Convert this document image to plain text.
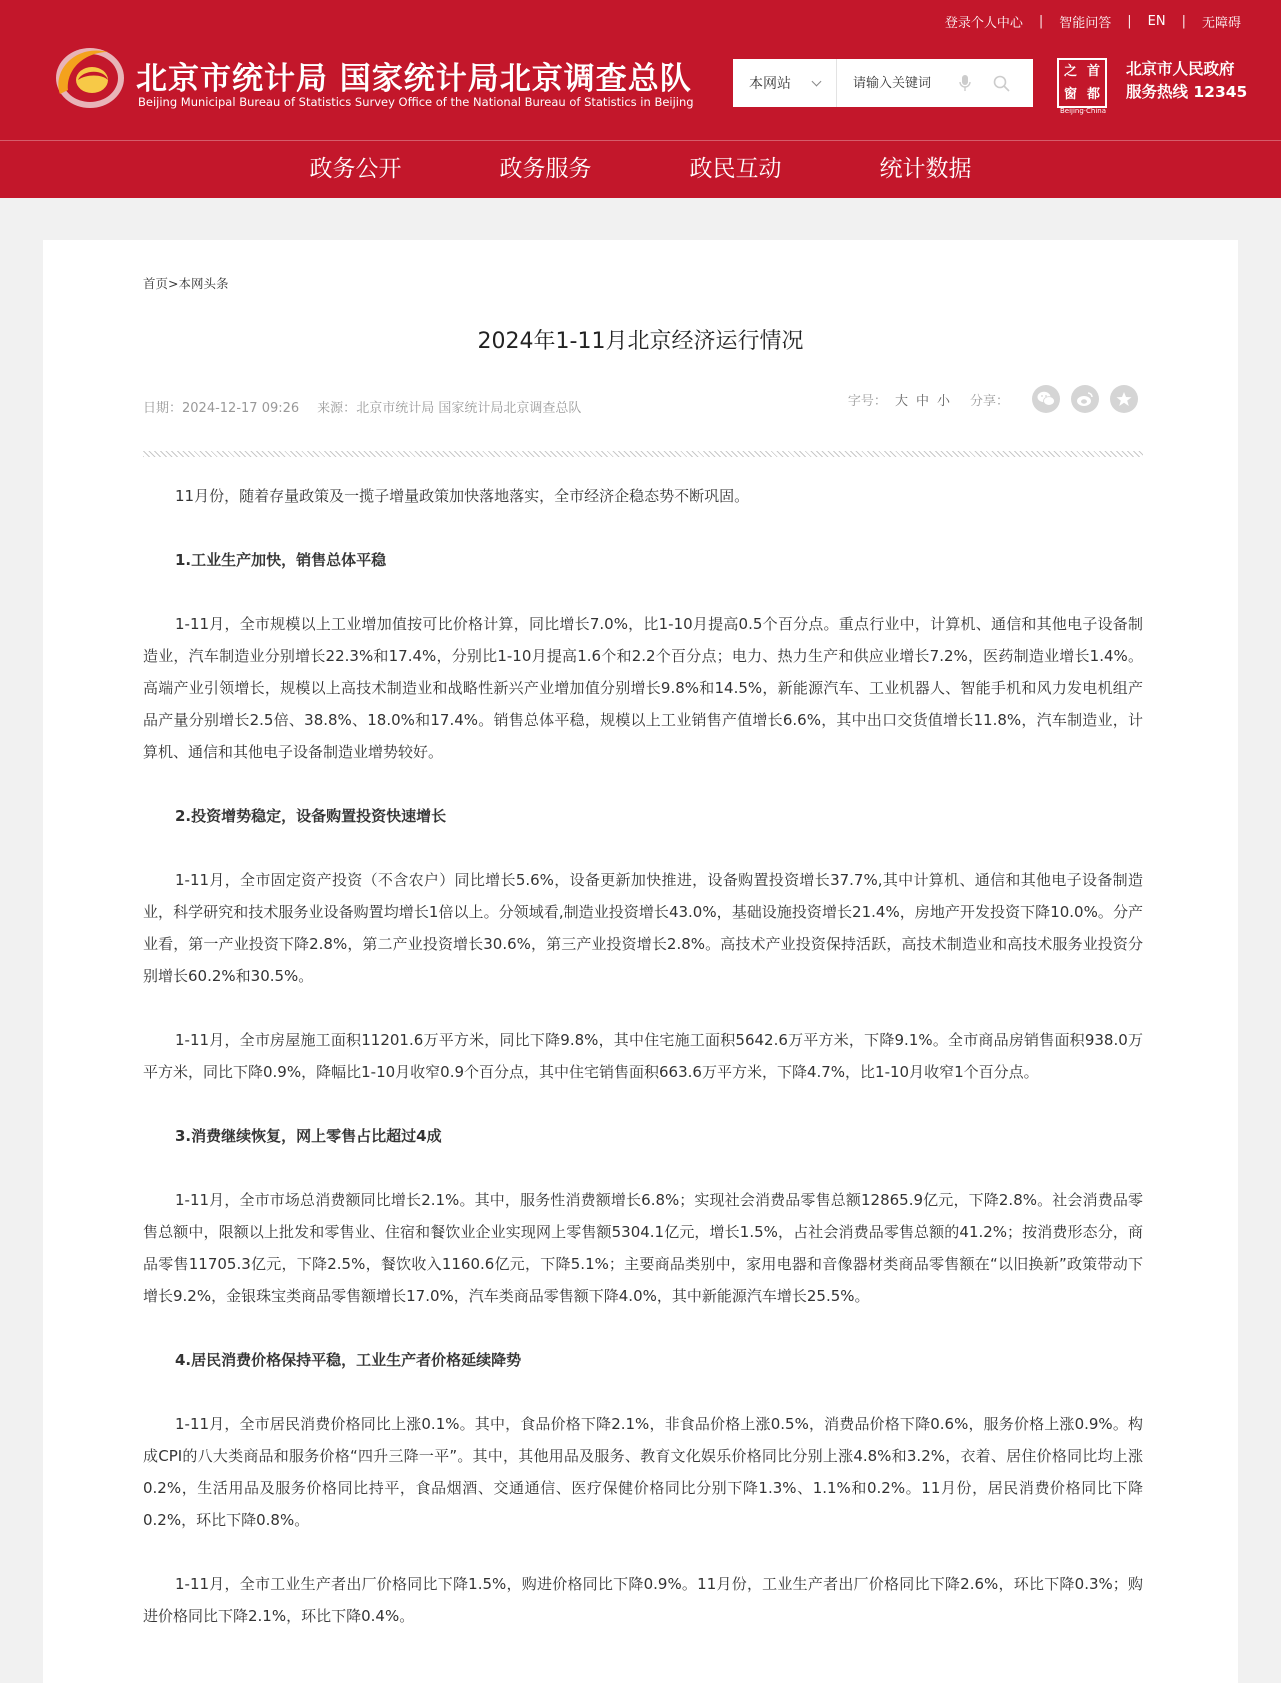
登录个人中心 | 智能问答 | EN | 无障碍
北京市统计局 国家统计局北京调查总队
Beijing Municipal Bureau of Statistics Survey Office of the National Bureau of Statistics in Beijing
本网站
请输入关键词
之 首
窗 都
Beijing·China
北京市人民政府
服务热线 12345
政务公开	政务服务	政民互动	统计数据
首页>本网头条
2024年1-11月北京经济运行情况
日期：2024-12-17 09:26 来源：北京市统计局 国家统计局北京调查总队	字号： 大 中 小 分享：

11月份，随着存量政策及一揽子增量政策加快落地落实，全市经济企稳态势不断巩固。

1.工业生产加快，销售总体平稳

1-11月，全市规模以上工业增加值按可比价格计算，同比增长7.0%，比1-10月提高0.5个百分点。重点行业中，计算机、通信和其他电子设备制造业，汽车制造业分别增长22.3%和17.4%，分别比1-10月提高1.6个和2.2个百分点；电力、热力生产和供应业增长7.2%，医药制造业增长1.4%。高端产业引领增长，规模以上高技术制造业和战略性新兴产业增加值分别增长9.8%和14.5%，新能源汽车、工业机器人、智能手机和风力发电机组产品产量分别增长2.5倍、38.8%、18.0%和17.4%。销售总体平稳，规模以上工业销售产值增长6.6%，其中出口交货值增长11.8%，汽车制造业，计算机、通信和其他电子设备制造业增势较好。

2.投资增势稳定，设备购置投资快速增长

1-11月，全市固定资产投资（不含农户）同比增长5.6%，设备更新加快推进，设备购置投资增长37.7%,其中计算机、通信和其他电子设备制造业，科学研究和技术服务业设备购置均增长1倍以上。分领域看,制造业投资增长43.0%，基础设施投资增长21.4%，房地产开发投资下降10.0%。分产业看，第一产业投资下降2.8%，第二产业投资增长30.6%，第三产业投资增长2.8%。高技术产业投资保持活跃，高技术制造业和高技术服务业投资分别增长60.2%和30.5%。

1-11月，全市房屋施工面积11201.6万平方米，同比下降9.8%，其中住宅施工面积5642.6万平方米，下降9.1%。全市商品房销售面积938.0万平方米，同比下降0.9%，降幅比1-10月收窄0.9个百分点，其中住宅销售面积663.6万平方米，下降4.7%，比1-10月收窄1个百分点。

3.消费继续恢复，网上零售占比超过4成

1-11月，全市市场总消费额同比增长2.1%。其中，服务性消费额增长6.8%；实现社会消费品零售总额12865.9亿元，下降2.8%。社会消费品零售总额中，限额以上批发和零售业、住宿和餐饮业企业实现网上零售额5304.1亿元，增长1.5%，占社会消费品零售总额的41.2%；按消费形态分，商品零售11705.3亿元，下降2.5%，餐饮收入1160.6亿元，下降5.1%；主要商品类别中，家用电器和音像器材类商品零售额在“以旧换新”政策带动下增长9.2%，金银珠宝类商品零售额增长17.0%，汽车类商品零售额下降4.0%，其中新能源汽车增长25.5%。

4.居民消费价格保持平稳，工业生产者价格延续降势

1-11月，全市居民消费价格同比上涨0.1%。其中，食品价格下降2.1%，非食品价格上涨0.5%，消费品价格下降0.6%，服务价格上涨0.9%。构成CPI的八大类商品和服务价格“四升三降一平”。其中，其他用品及服务、教育文化娱乐价格同比分别上涨4.8%和3.2%，衣着、居住价格同比均上涨0.2%，生活用品及服务价格同比持平，食品烟酒、交通通信、医疗保健价格同比分别下降1.3%、1.1%和0.2%。11月份，居民消费价格同比下降0.2%，环比下降0.8%。

1-11月，全市工业生产者出厂价格同比下降1.5%，购进价格同比下降0.9%。11月份，工业生产者出厂价格同比下降2.6%，环比下降0.3%；购进价格同比下降2.1%，环比下降0.4%。
